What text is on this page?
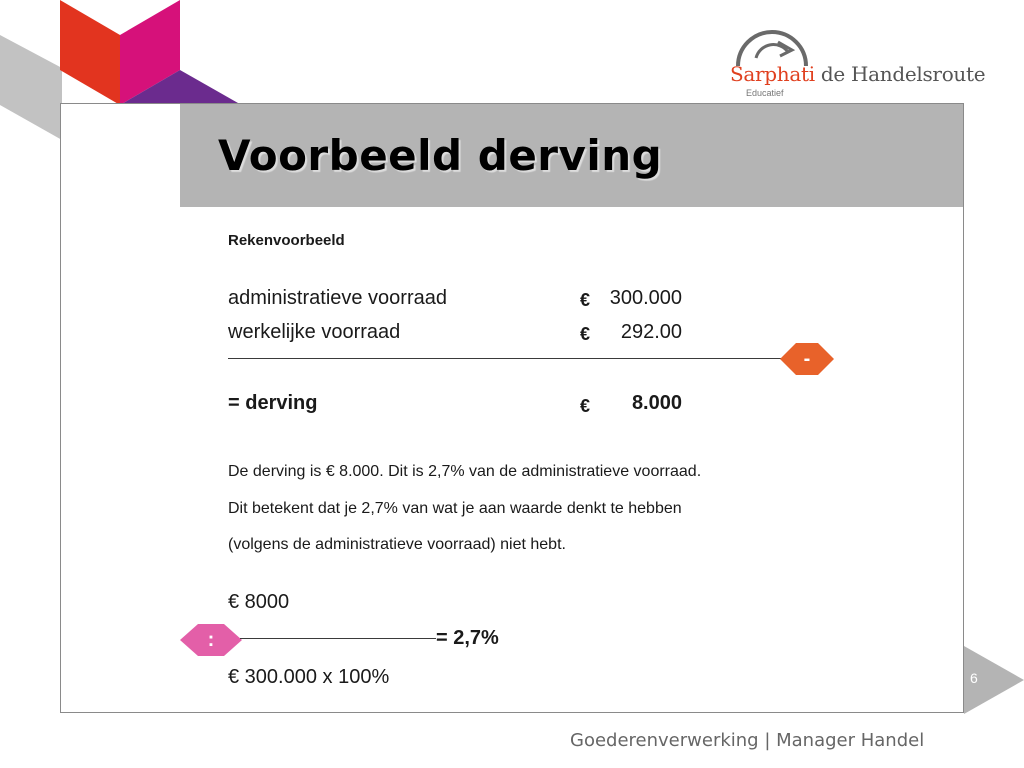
Sarphati de Handelsroute
Educatief
Voorbeeld derving
Rekenvoorbeeld
administratieve voorraad	€ 300.000
werkelijke voorraad	€	292.00
-
= derving	€	8.000
De derving is € 8.000. Dit is 2,7% van de administratieve voorraad.
Dit betekent dat je 2,7% van wat je aan waarde denkt te hebben
(volgens de administratieve voorraad) niet hebt.
€ 8000
:	= 2,7%
€ 300.000 x 100%	6
Goederenverwerking | Manager Handel
